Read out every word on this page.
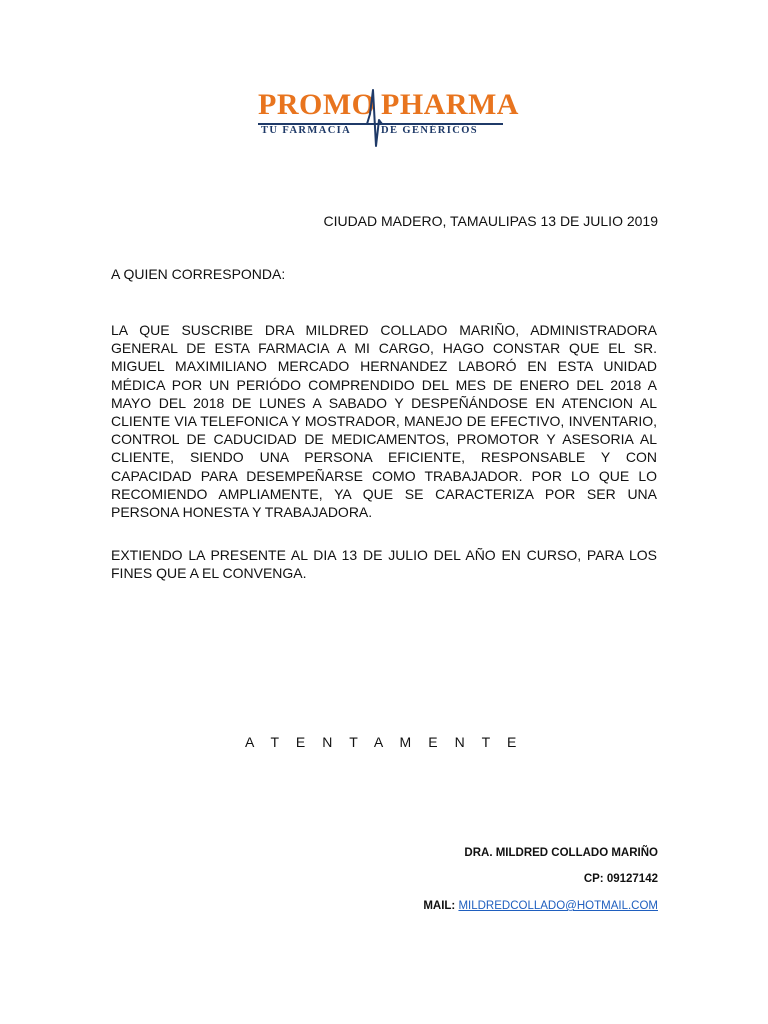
PROMO PHARMA
TU FARMACIA	DE GENÉRICOS
CIUDAD MADERO, TAMAULIPAS 13 DE JULIO 2019
A QUIEN CORRESPONDA:
LA QUE SUSCRIBE DRA MILDRED COLLADO MARIÑO, ADMINISTRADORA GENERAL DE ESTA FARMACIA A MI CARGO, HAGO CONSTAR QUE EL SR. MIGUEL MAXIMILIANO MERCADO HERNANDEZ LABORÓ EN ESTA UNIDAD MÉDICA POR UN PERIÓDO COMPRENDIDO DEL MES DE ENERO DEL 2018 A MAYO DEL 2018 DE LUNES A SABADO Y DESPEÑÁNDOSE EN ATENCION AL CLIENTE VIA TELEFONICA Y MOSTRADOR, MANEJO DE EFECTIVO, INVENTARIO, CONTROL DE CADUCIDAD DE MEDICAMENTOS, PROMOTOR Y ASESORIA AL CLIENTE, SIENDO UNA PERSONA EFICIENTE, RESPONSABLE Y CON CAPACIDAD PARA DESEMPEÑARSE COMO TRABAJADOR. POR LO QUE LO RECOMIENDO AMPLIAMENTE, YA QUE SE CARACTERIZA POR SER UNA PERSONA HONESTA Y TRABAJADORA.
EXTIENDO LA PRESENTE AL DIA 13 DE JULIO DEL AÑO EN CURSO, PARA LOS FINES QUE A EL CONVENGA.
A T E N T A M E N T E
DRA. MILDRED COLLADO MARIÑO
CP: 09127142
MAIL: MILDREDCOLLADO@HOTMAIL.COM
